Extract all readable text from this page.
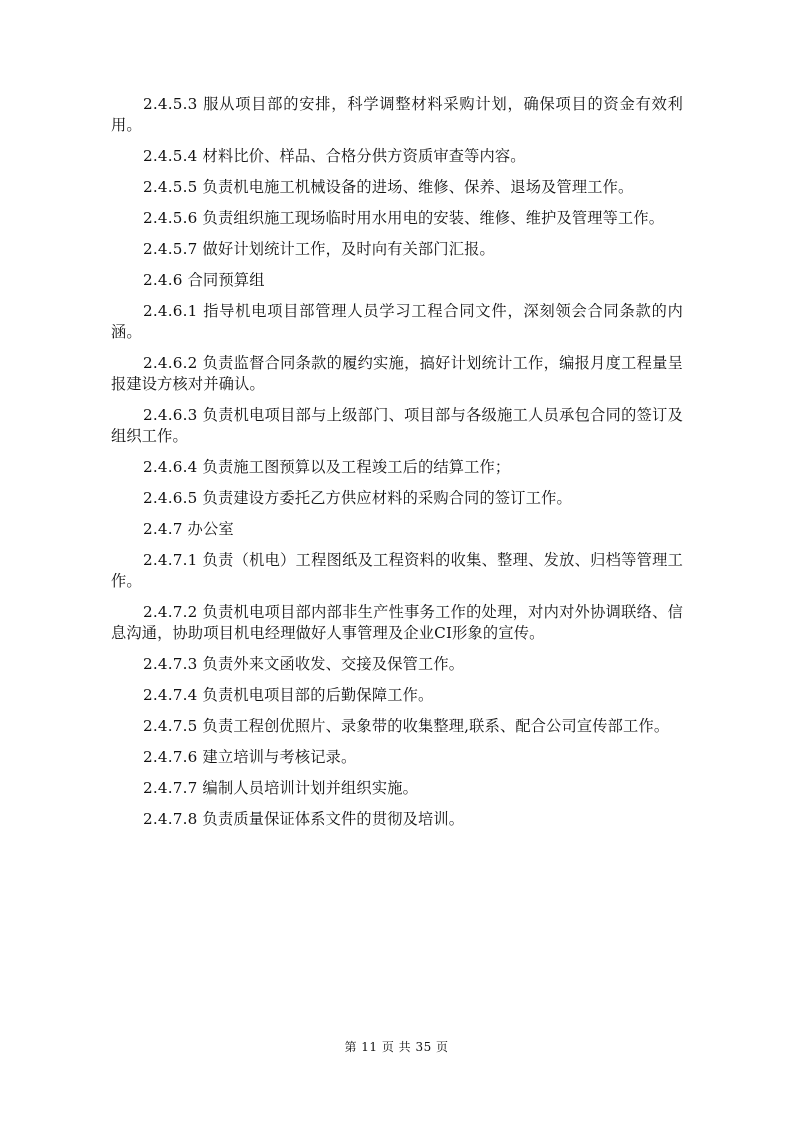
2.4.5.3 服从项目部的安排，科学调整材料采购计划，确保项目的资金有效利用。

2.4.5.4 材料比价、样品、合格分供方资质审查等内容。

2.4.5.5 负责机电施工机械设备的进场、维修、保养、退场及管理工作。

2.4.5.6 负责组织施工现场临时用水用电的安装、维修、维护及管理等工作。

2.4.5.7 做好计划统计工作，及时向有关部门汇报。

2.4.6 合同预算组

2.4.6.1 指导机电项目部管理人员学习工程合同文件，深刻领会合同条款的内涵。

2.4.6.2 负责监督合同条款的履约实施，搞好计划统计工作，编报月度工程量呈报建设方核对并确认。

2.4.6.3 负责机电项目部与上级部门、项目部与各级施工人员承包合同的签订及组织工作。

2.4.6.4 负责施工图预算以及工程竣工后的结算工作；

2.4.6.5 负责建设方委托乙方供应材料的采购合同的签订工作。

2.4.7 办公室

2.4.7.1 负责（机电）工程图纸及工程资料的收集、整理、发放、归档等管理工作。

2.4.7.2 负责机电项目部内部非生产性事务工作的处理，对内对外协调联络、信息沟通，协助项目机电经理做好人事管理及企业CI形象的宣传。

2.4.7.3 负责外来文函收发、交接及保管工作。

2.4.7.4 负责机电项目部的后勤保障工作。

2.4.7.5 负责工程创优照片、录象带的收集整理,联系、配合公司宣传部工作。

2.4.7.6 建立培训与考核记录。

2.4.7.7 编制人员培训计划并组织实施。

2.4.7.8 负责质量保证体系文件的贯彻及培训。

第 11 页 共 35 页
